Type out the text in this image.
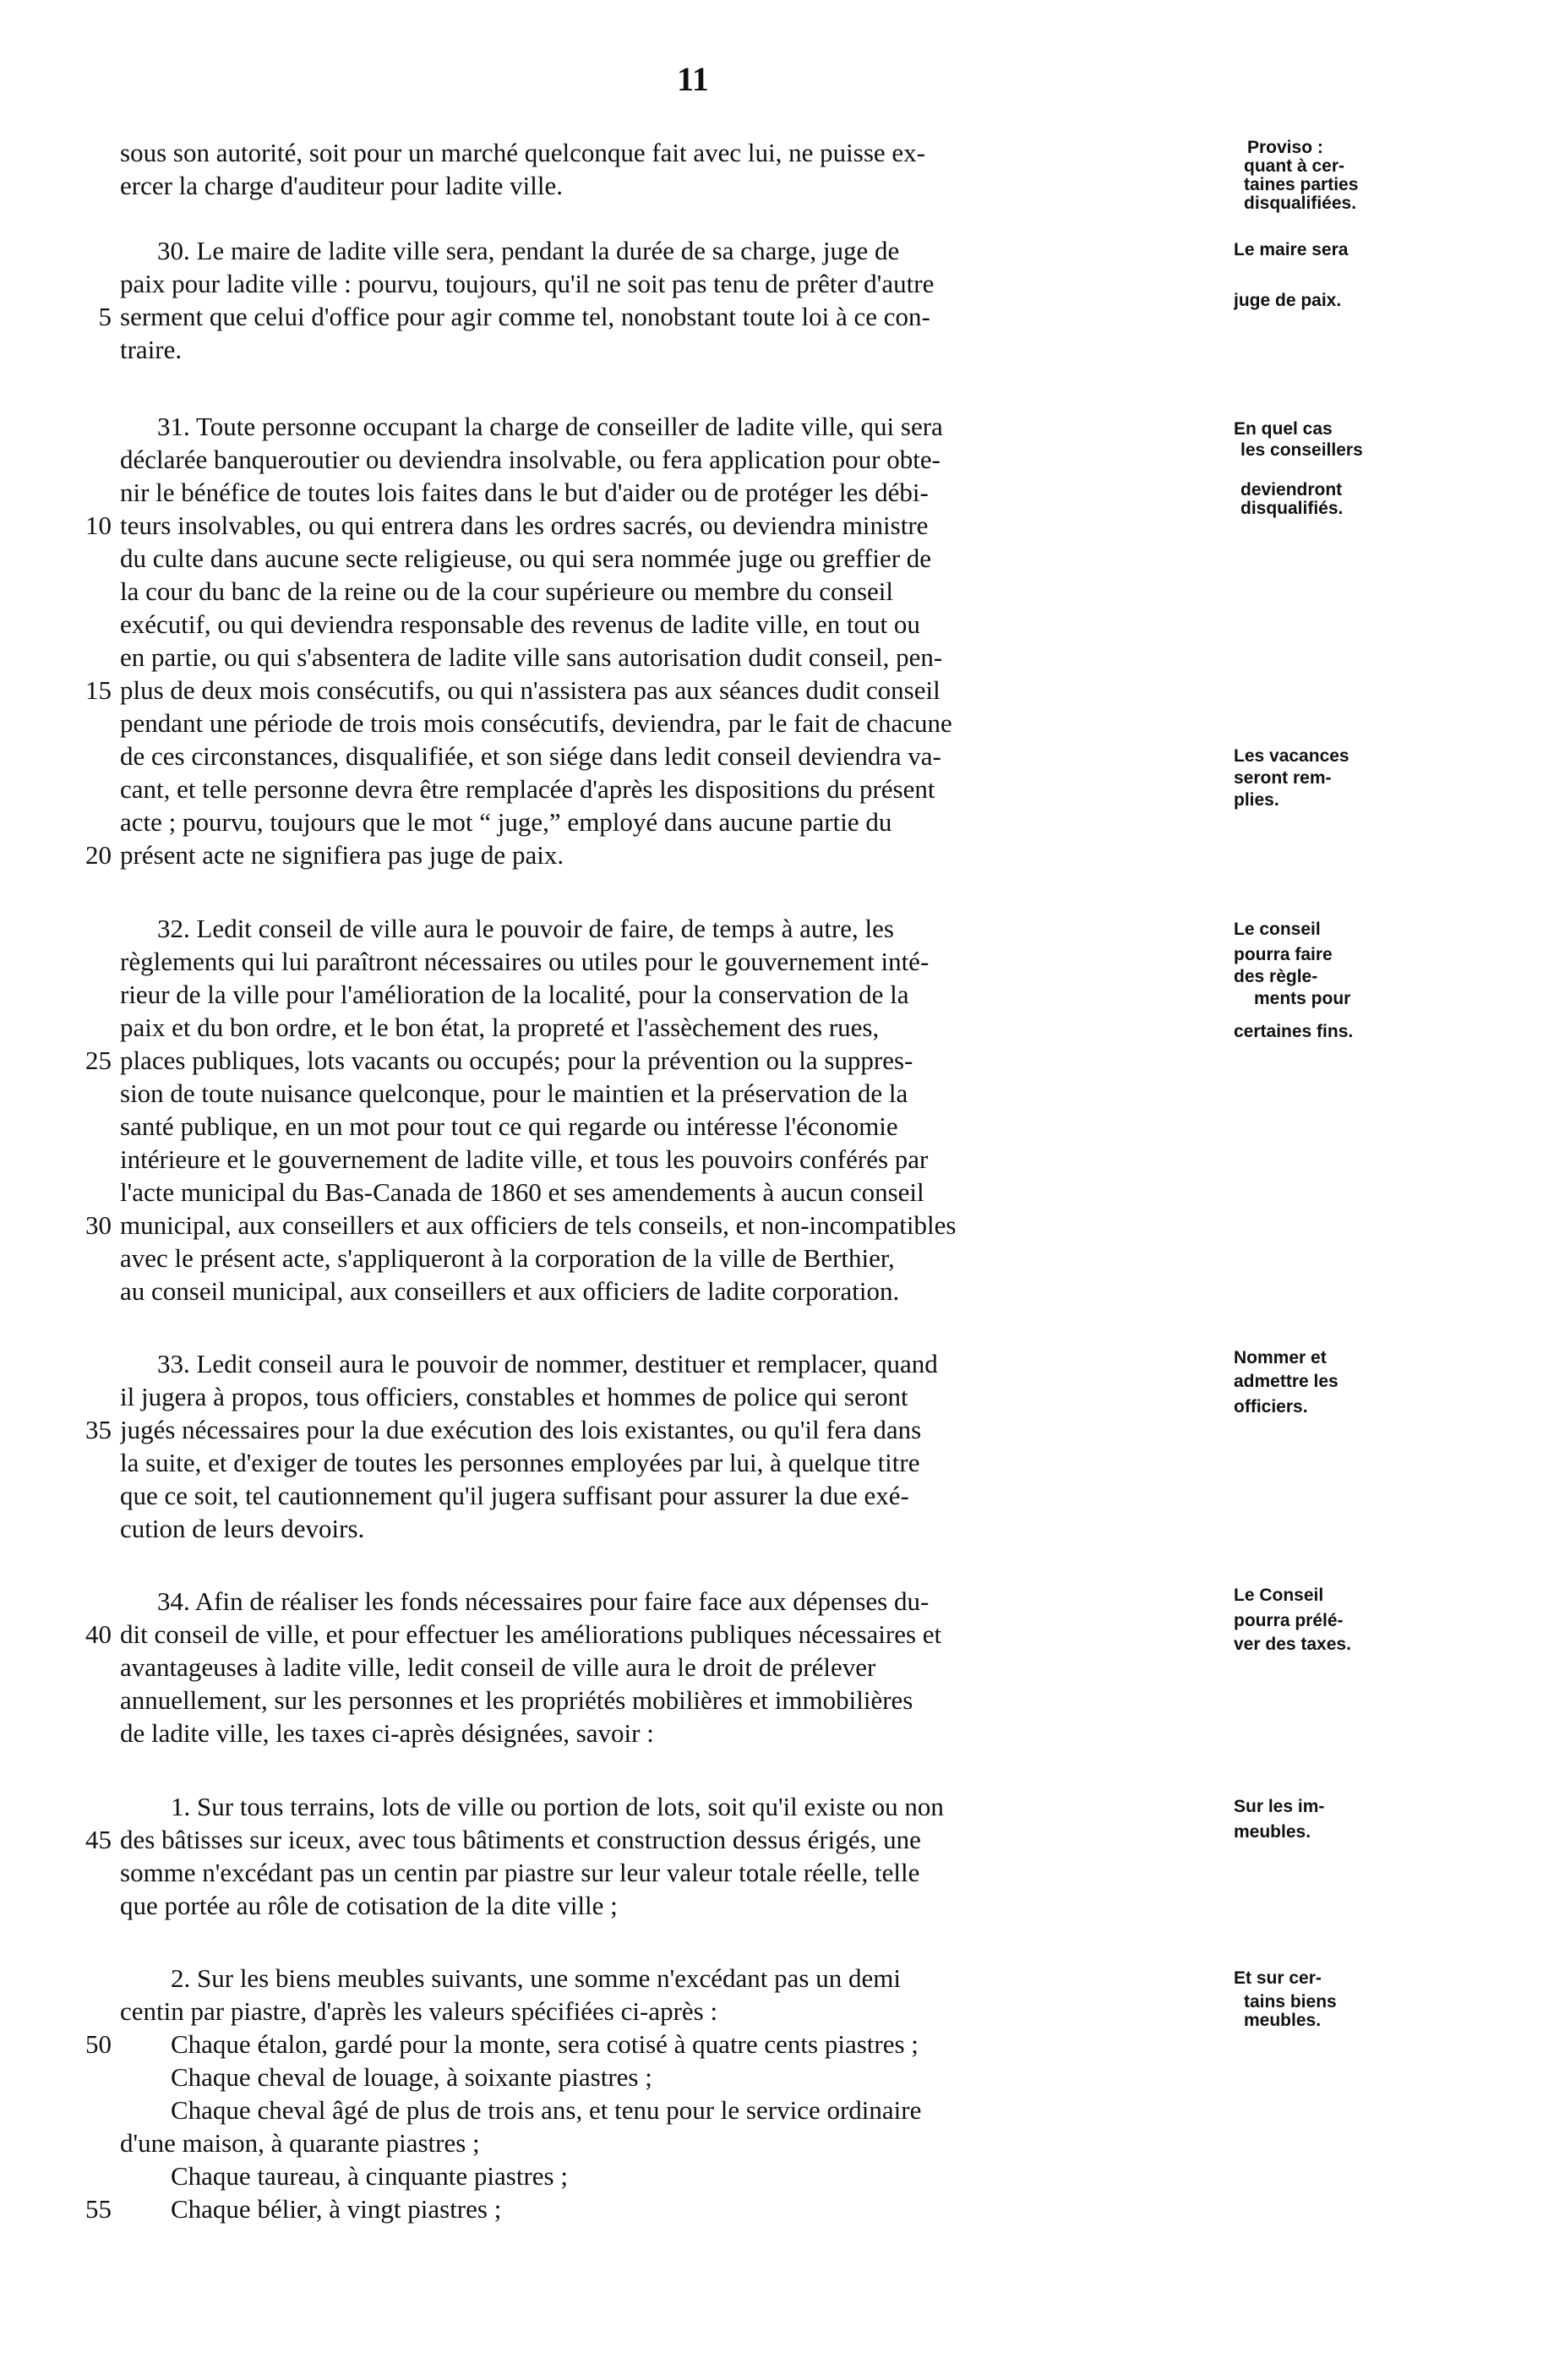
11
sous son autorité, soit pour un marché quelconque fait avec lui, ne puisse ex-
ercer la charge d'auditeur pour ladite ville.
30. Le maire de ladite ville sera, pendant la durée de sa charge, juge de
paix pour ladite ville : pourvu, toujours, qu'il ne soit pas tenu de prêter d'autre
serment que celui d'office pour agir comme tel, nonobstant toute loi à ce con-
traire.
31. Toute personne occupant la charge de conseiller de ladite ville, qui sera
déclarée banqueroutier ou deviendra insolvable, ou fera application pour obte-
nir le bénéfice de toutes lois faites dans le but d'aider ou de protéger les débi-
teurs insolvables, ou qui entrera dans les ordres sacrés, ou deviendra ministre
du culte dans aucune secte religieuse, ou qui sera nommée juge ou greffier de
la cour du banc de la reine ou de la cour supérieure ou membre du conseil
exécutif, ou qui deviendra responsable des revenus de ladite ville, en tout ou
en partie, ou qui s'absentera de ladite ville sans autorisation dudit conseil, pen-
plus de deux mois consécutifs, ou qui n'assistera pas aux séances dudit conseil
pendant une période de trois mois consécutifs, deviendra, par le fait de chacune
de ces circonstances, disqualifiée, et son siége dans ledit conseil deviendra va-
cant, et telle personne devra être remplacée d'après les dispositions du présent
acte ; pourvu, toujours que le mot “ juge,” employé dans aucune partie du
présent acte ne signifiera pas juge de paix.
32. Ledit conseil de ville aura le pouvoir de faire, de temps à autre, les
règlements qui lui paraîtront nécessaires ou utiles pour le gouvernement inté-
rieur de la ville pour l'amélioration de la localité, pour la conservation de la
paix et du bon ordre, et le bon état, la propreté et l'assèchement des rues,
places publiques, lots vacants ou occupés; pour la prévention ou la suppres-
sion de toute nuisance quelconque, pour le maintien et la préservation de la
santé publique, en un mot pour tout ce qui regarde ou intéresse l'économie
intérieure et le gouvernement de ladite ville, et tous les pouvoirs conférés par
l'acte municipal du Bas-Canada de 1860 et ses amendements à aucun conseil
municipal, aux conseillers et aux officiers de tels conseils, et non-incompatibles
avec le présent acte, s'appliqueront à la corporation de la ville de Berthier,
au conseil municipal, aux conseillers et aux officiers de ladite corporation.
33. Ledit conseil aura le pouvoir de nommer, destituer et remplacer, quand
il jugera à propos, tous officiers, constables et hommes de police qui seront
jugés nécessaires pour la due exécution des lois existantes, ou qu'il fera dans
la suite, et d'exiger de toutes les personnes employées par lui, à quelque titre
que ce soit, tel cautionnement qu'il jugera suffisant pour assurer la due exé-
cution de leurs devoirs.
34. Afin de réaliser les fonds nécessaires pour faire face aux dépenses du-
dit conseil de ville, et pour effectuer les améliorations publiques nécessaires et
avantageuses à ladite ville, ledit conseil de ville aura le droit de prélever
annuellement, sur les personnes et les propriétés mobilières et immobilières
de ladite ville, les taxes ci-après désignées, savoir :
1. Sur tous terrains, lots de ville ou portion de lots, soit qu'il existe ou non
des bâtisses sur iceux, avec tous bâtiments et construction dessus érigés, une
somme n'excédant pas un centin par piastre sur leur valeur totale réelle, telle
que portée au rôle de cotisation de la dite ville ;
2. Sur les biens meubles suivants, une somme n'excédant pas un demi
centin par piastre, d'après les valeurs spécifiées ci-après :
Chaque étalon, gardé pour la monte, sera cotisé à quatre cents piastres ;
Chaque cheval de louage, à soixante piastres ;
Chaque cheval âgé de plus de trois ans, et tenu pour le service ordinaire
d'une maison, à quarante piastres ;
Chaque taureau, à cinquante piastres ;
Chaque bélier, à vingt piastres ;
5
10
15
20
25
30
35
40
45
50
55
Proviso :
quant à cer-
taines parties
disqualifiées.
Le maire sera
juge de paix.
En quel cas
les conseillers
deviendront
disqualifiés.
Les vacances
seront rem-
plies.
Le conseil
pourra faire
des règle-
ments pour
certaines fins.
Nommer et
admettre les
officiers.
Le Conseil
pourra prélé-
ver des taxes.
Sur les im-
meubles.
Et sur cer-
tains biens
meubles.
